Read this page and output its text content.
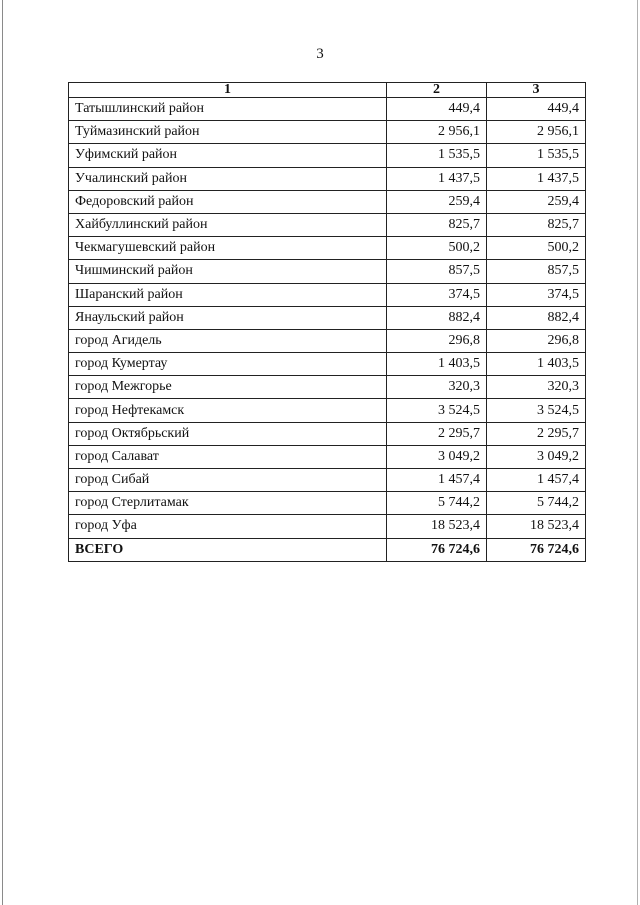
3
1	2	3
Татышлинский район	449,4	449,4
Туймазинский район	2 956,1	2 956,1
Уфимский район	1 535,5	1 535,5
Учалинский район	1 437,5	1 437,5
Федоровский район	259,4	259,4
Хайбуллинский район	825,7	825,7
Чекмагушевский район	500,2	500,2
Чишминский район	857,5	857,5
Шаранский район	374,5	374,5
Янаульский район	882,4	882,4
город Агидель	296,8	296,8
город Кумертау	1 403,5	1 403,5
город Межгорье	320,3	320,3
город Нефтекамск	3 524,5	3 524,5
город Октябрьский	2 295,7	2 295,7
город Салават	3 049,2	3 049,2
город Сибай	1 457,4	1 457,4
город Стерлитамак	5 744,2	5 744,2
город Уфа	18 523,4	18 523,4
ВСЕГО	76 724,6	76 724,6
